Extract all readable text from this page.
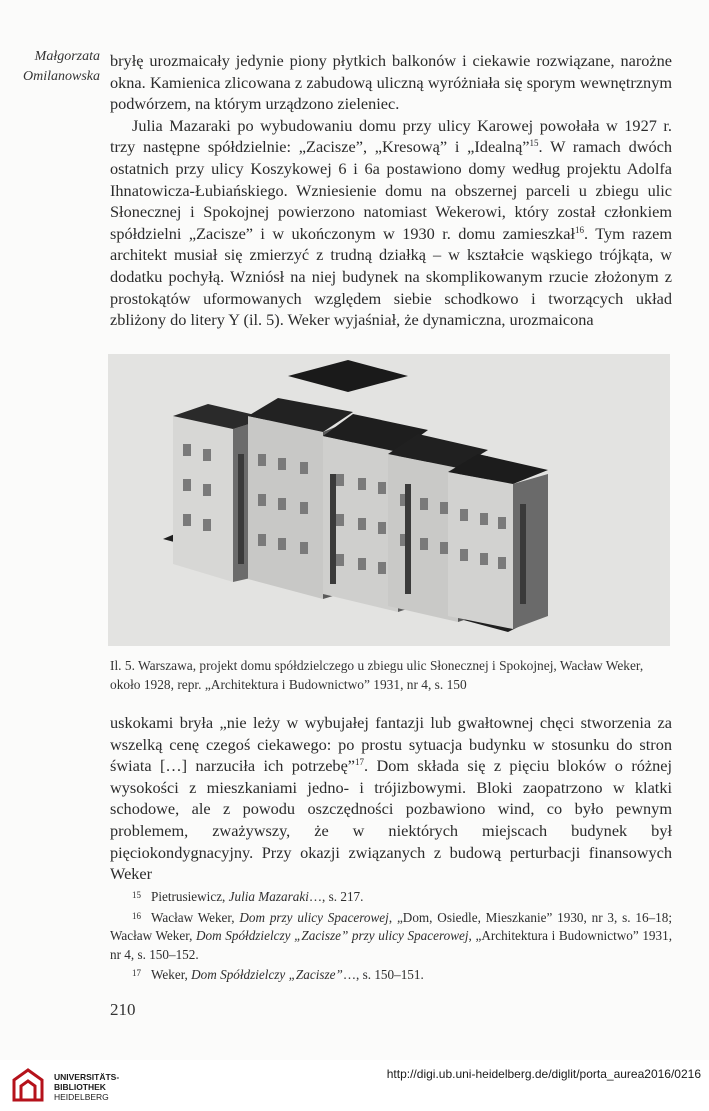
Małgorzata
Omilanowska

bryłę urozmaicały jedynie piony płytkich balkonów i ciekawie rozwiązane, narożne okna. Kamienica zlicowana z zabudową uliczną wyróżniała się sporym wewnętrznym podwórzem, na którym urządzono zieleniec.

Julia Mazaraki po wybudowaniu domu przy ulicy Karowej powołała w 1927 r. trzy następne spółdzielnie: „Zacisze”, „Kresową” i „Idealną”$^{15}$. W ramach dwóch ostatnich przy ulicy Koszykowej 6 i 6a postawiono domy według projektu Adolfa Ihnatowicza-Łubiańskiego. Wzniesienie domu na obszernej parceli u zbiegu ulic Słonecznej i Spokojnej powierzono natomiast Wekerowi, który został członkiem spółdzielni „Zacisze” i w ukończonym w 1930 r. domu zamieszkał$^{16}$. Tym razem architekt musiał się zmierzyć z trudną działką – w kształcie wąskiego trójkąta, w dodatku pochyłą. Wzniósł na niej budynek na skomplikowanym rzucie złożonym z prostokątów uformowanych względem siebie schodkowo i tworzących układ zbliżony do litery Y (il. 5). Weker wyjaśniał, że dynamiczna, urozmaicona

Il. 5. Warszawa, projekt domu spółdzielczego u zbiegu ulic Słonecznej i Spokojnej, Wacław Weker, około 1928, repr. „Architektura i Budownictwo” 1931, nr 4, s. 150

uskokami bryła „nie leży w wybujałej fantazji lub gwałtownej chęci stworzenia za wszelką cenę czegoś ciekawego: po prostu sytuacja budynku w stosunku do stron świata […] narzuciła ich potrzebę”$^{17}$. Dom składa się z pięciu bloków o różnej wysokości z mieszkaniami jedno- i trójizbowymi. Bloki zaopatrzono w klatki schodowe, ale z powodu oszczędności pozbawiono wind, co było pewnym problemem, zważywszy, że w niektórych miejscach budynek był pięciokondygnacyjny. Przy okazji związanych z budową perturbacji finansowych Weker

$^{15}$ Pietrusiewicz, Julia Mazaraki…, s. 217.

$^{16}$ Wacław Weker, Dom przy ulicy Spacerowej, „Dom, Osiedle, Mieszkanie” 1930, nr 3, s. 16–18; Wacław Weker, Dom Spółdzielczy „Zacisze” przy ulicy Spacerowej, „Architektura i Budownictwo” 1931, nr 4, s. 150–152.

$^{17}$ Weker, Dom Spółdzielczy „Zacisze”…, s. 150–151.

210
UNIVERSITÄTS-
BIBLIOTHEK

HEIDELBERG
http://digi.ub.uni-heidelberg.de/diglit/porta_aurea2016/0216
